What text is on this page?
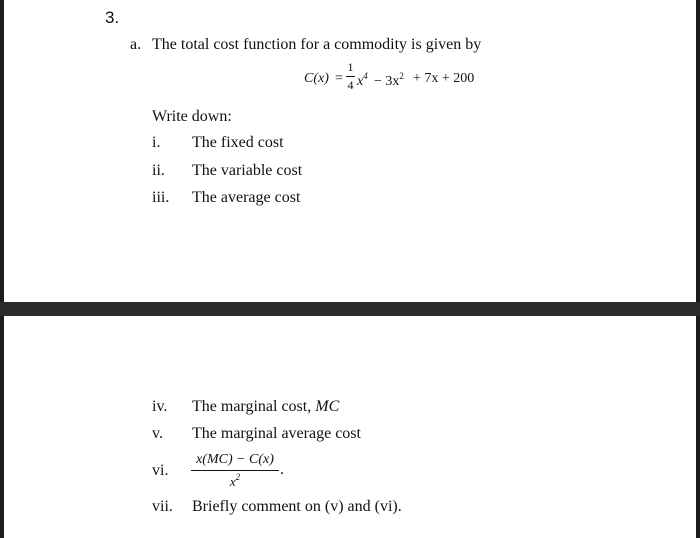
3.
a. The total cost function for a commodity is given by
C(x) =
1
4 $x^4 - 3x^2 + 7x + 200$
Write down:
i. The fixed cost
ii. The variable cost
iii. The average cost
iv. The marginal cost, MC
v. The marginal average cost
vi.
x(MC) − C(x)
$x^2$	.
vii. Briefly comment on (v) and (vi).
